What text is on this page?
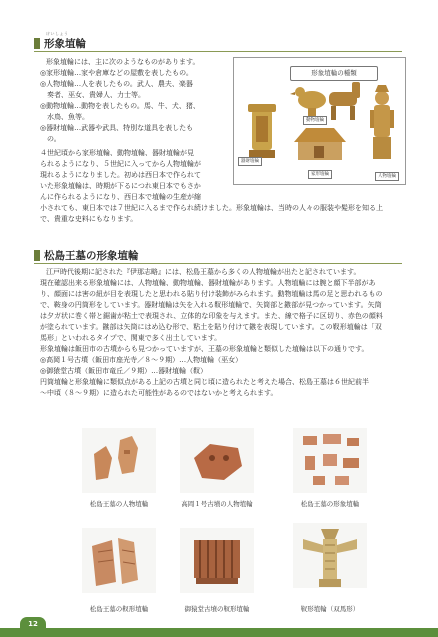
けいしょう
形象埴輪
形象埴輪には、主に次のようなものがあります。
◎家形埴輪…家や倉庫などの屋敷を表したもの。
◎人物埴輪…人を表したもの。武人、農夫、楽器
　奏者、巫女、貴婦人、力士等。
◎動物埴輪…動物を表したもの。馬、牛、犬、猪、
　水鳥、魚等。
◎器財埴輪…武器や武具、特別な道具を表したも
　の。
４世紀頃から家形埴輪、動物埴輪、器財埴輪が見
られるようになり、５世紀に入ってから人物埴輪が
現れるようになりました。初めは西日本で作られて
いた形象埴輪は、時期が下るにつれ東日本でもさか
んに作られるようになり、西日本で埴輪の生産が縮
小されても、東日本では７世紀に入るまで作られ続けました。形象埴輪は、当時の人々の服装や髪形を知る上
で、貴重な史料にもなります。
形象埴輪の種類
動物埴輪
家形埴輪
器財埴輪
人物埴輪
松島王墓の形象埴輪
江戸時代後期に記された『伊那志略』には、松島王墓から多くの人物埴輪が出たと記されています。
現在確認出来る形象埴輪には、人物埴輪、動物埴輪、器財埴輪があります。人物埴輪には腕と顔下半部があ
り、顔面には害の紐が目を表現したと思われる貼り付け装飾がみられます。動物埴輪は馬の足と思われるもの
で、鞍身の円筒形をしています。器財埴輪は矢を入れる靫形埴輪で、矢筒部と鏃部が見つかっています。矢筒
は夕ガ状に巻く帯と鋸歯が粘土で表現され、立体的な印象を与えます。また、線で格子に区切り、赤色の顔料
が塗られています。鏃部は矢筒にはめ込む形で、粘土を貼り付けて鏃を表現しています。この靫形埴輪は「双
馬形」といわれるタイプで、関東で多く出土しています。
形象埴輪は飯田市の古墳からも見つかっていますが、王墓の形象埴輪と類似した埴輪は以下の通りです。
◎高岡１号古墳（飯田市座光寺／８～９期）…人物埴輪（巫女）
◎御猿堂古墳（飯田市竜丘／９期）…器財埴輪（靫）
円筒埴輪と形象埴輪に類似点がある上記の古墳と同じ頃に造られたと考えた場合、松島王墓は６世紀前半
～中頃（８～９期）に造られた可能性があるのではないかと考えられます。
松島王墓の人物埴輪	高岡１号古墳の人物埴輪	松島王墓の形象埴輪
松島王墓の靫形埴輪	御猿堂古墳の靫形埴輪	靫形埴輪（双馬形）
12
